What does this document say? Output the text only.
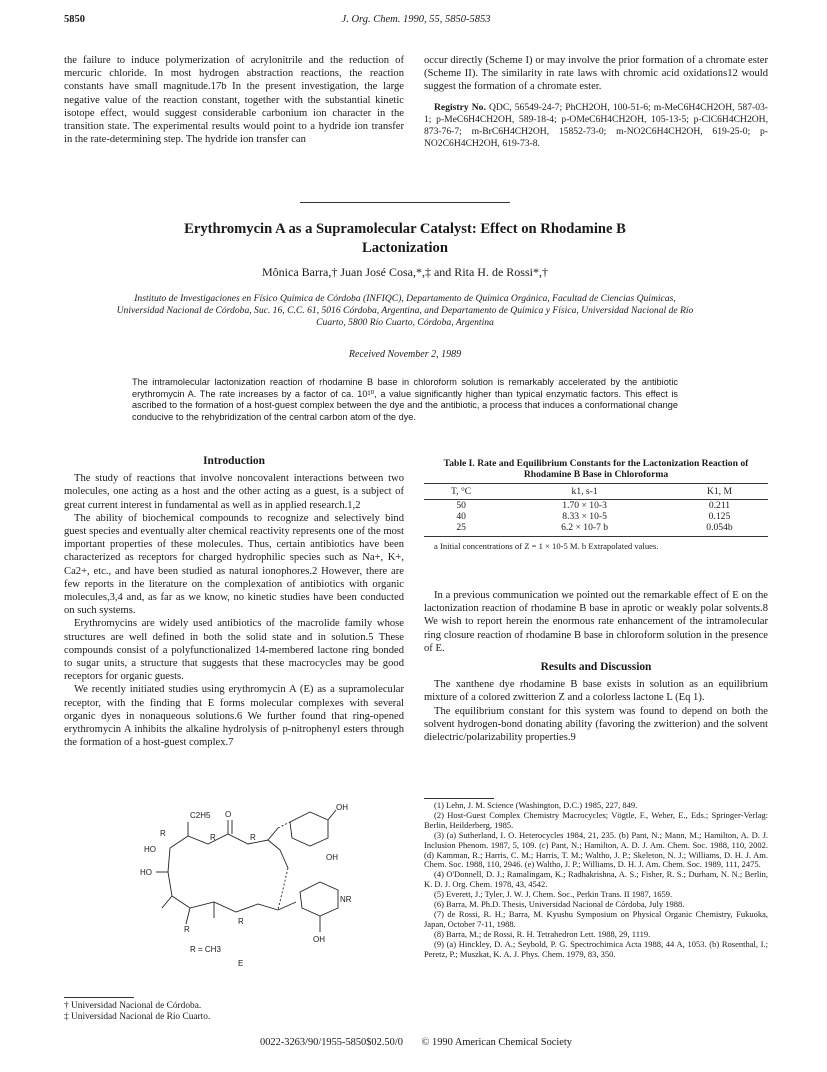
5850	J. Org. Chem. 1990, 55, 5850-5853

the failure to induce polymerization of acrylonitrile and the reduction of mercuric chloride. In most hydrogen abstraction reactions, the reaction constants have small magnitude.17b In the present investigation, the large negative value of the reaction constant, together with the substantial kinetic isotope effect, would suggest considerable carbonium ion character in the transition state. The experimental results would point to a hydride ion transfer in the rate-determining step. The hydride ion transfer can

occur directly (Scheme I) or may involve the prior formation of a chromate ester (Scheme II). The similarity in rate laws with chromic acid oxidations12 would suggest the formation of a chromate ester.

Registry No. QDC, 56549-24-7; PhCH2OH, 100-51-6; m-MeC6H4CH2OH, 587-03-1; p-MeC6H4CH2OH, 589-18-4; p-OMeC6H4CH2OH, 105-13-5; p-ClC6H4CH2OH, 873-76-7; m-BrC6H4CH2OH, 15852-73-0; m-NO2C6H4CH2OH, 619-25-0; p-NO2C6H4CH2OH, 619-73-8.

Erythromycin A as a Supramolecular Catalyst: Effect on Rhodamine B
Lactonization
Mônica Barra,† Juan José Cosa,*,‡ and Rita H. de Rossi*,†
Instituto de Investigaciones en Físico Química de Córdoba (INFIQC), Departamento de Química Orgánica, Facultad de Ciencias Químicas, Universidad Nacional de Córdoba, Suc. 16, C.C. 61, 5016 Córdoba, Argentina, and Departamento de Química y Física, Universidad Nacional de Río Cuarto, 5800 Río Cuarto, Córdoba, Argentina
Received November 2, 1989
The intramolecular lactonization reaction of rhodamine B base in chloroform solution is remarkably accelerated by the antibiotic erythromycin A. The rate increases by a factor of ca. 10¹⁰, a value significantly higher than typical enzymatic factors. This effect is ascribed to the formation of a host-guest complex between the dye and the antibiotic, a process that induces a conformational change conducive to the rehybridization of the central carbon atom of the dye.
Introduction

The study of reactions that involve noncovalent interactions between two molecules, one acting as a host and the other acting as a guest, is a subject of great current interest in fundamental as well as in applied research.1,2

The ability of biochemical compounds to recognize and selectively bind guest species and eventually alter chemical reactivity represents one of the most important properties of these molecules. Thus, certain antibiotics have been characterized as receptors for charged hydrophilic species such as Na+, K+, Ca2+, etc., and have been studied as natural ionophores.2 However, there are few reports in the literature on the complexation of antibiotics with organic molecules,3,4 and, as far as we know, no kinetic studies have been conducted on such systems.

Erythromycins are widely used antibiotics of the macrolide family whose structures are well defined in both the solid state and in solution.5 These compounds consist of a polyfunctionalized 14-membered lactone ring bonded to sugar units, a structure that suggests that these macrocycles may be good receptors for organic guests.

We recently initiated studies using erythromycin A (E) as a supramolecular receptor, with the finding that E forms molecular complexes with several organic dyes in nonaqueous solutions.6 We further found that ring-opened erythromycin A inhibits the alkaline hydrolysis of p-nitrophenyl esters through the formation of a host-guest complex.7

Table I. Rate and Equilibrium Constants for the Lactonization Reaction of Rhodamine B Base in Chloroforma
T, °C	k1, s-1	K1, M
50	1.70 × 10-3	0.211
40	8.33 × 10-5	0.125
25	6.2 × 10-7 b	0.054b
a Initial concentrations of Z = 1 × 10-5 M. b Extrapolated values.

In a previous communication we pointed out the remarkable effect of E on the lactonization reaction of rhodamine B base in aprotic or weakly polar solvents.8 We wish to report herein the enormous rate enhancement of the intramolecular ring closure reaction of rhodamine B base in chloroform solution in the presence of E.

Results and Discussion

The xanthene dye rhodamine B base exists in solution as an equilibrium mixture of a colored zwitterion Z and a colorless lactone L (Eq 1).

The equilibrium constant for this system was found to depend on both the solvent hydrogen-bond donating ability (favoring the zwitterion) and the solvent dielectric/polarizability properties.9

(1) Lehn, J. M. Science (Washington, D.C.) 1985, 227, 849.

(2) Host-Guest Complex Chemistry Macrocycles; Vögtle, F., Weber, E., Eds.; Springer-Verlag: Berlin, Heilderberg, 1985.

(3) (a) Sutherland, I. O. Heterocycles 1984, 21, 235. (b) Pant, N.; Mann, M.; Hamilton, A. D. J. Inclusion Phenom. 1987, 5, 109. (c) Pant, N.; Hamilton, A. D. J. Am. Chem. Soc. 1988, 110, 2002. (d) Kamman, R.; Harris, C. M.; Harris, T. M.; Waltho, J. P.; Skeleton, N. J.; Williams, D. H. J. Am. Chem. Soc. 1988, 110, 2946. (e) Waltho, J. P.; Williams, D. H. J. Am. Chem. Soc. 1989, 111, 2475.

(4) O'Donnell, D. J.; Ramalingam, K.; Radhakrishna, A. S.; Fisher, R. S.; Durham, N. N.; Berlin, K. D. J. Org. Chem. 1978, 43, 4542.

(5) Everett, J.; Tyler, J. W. J. Chem. Soc., Perkin Trans. II 1987, 1659.

(6) Barra, M. Ph.D. Thesis, Universidad Nacional de Córdoba, July 1988.

(7) de Rossi, R. H.; Barra, M. Kyushu Symposium on Physical Organic Chemistry, Fukuoka, Japan, October 7-11, 1988.

(8) Barra, M.; de Rossi, R. H. Tetrahedron Lett. 1988, 29, 1119.

(9) (a) Hinckley, D. A.; Seybold, P. G. Spectrochimica Acta 1988, 44 A, 1053. (b) Rosenthal, I.; Peretz, P.; Muszkat, K. A. J. Phys. Chem. 1979, 83, 350.

C2H5
HO
HO
R	R	R
R
R
O
OH
OH
OH
NR
R = CH3
E
† Universidad Nacional de Córdoba.
‡ Universidad Nacional de Río Cuarto.
0022-3263/90/1955-5850$02.50/0 © 1990 American Chemical Society
